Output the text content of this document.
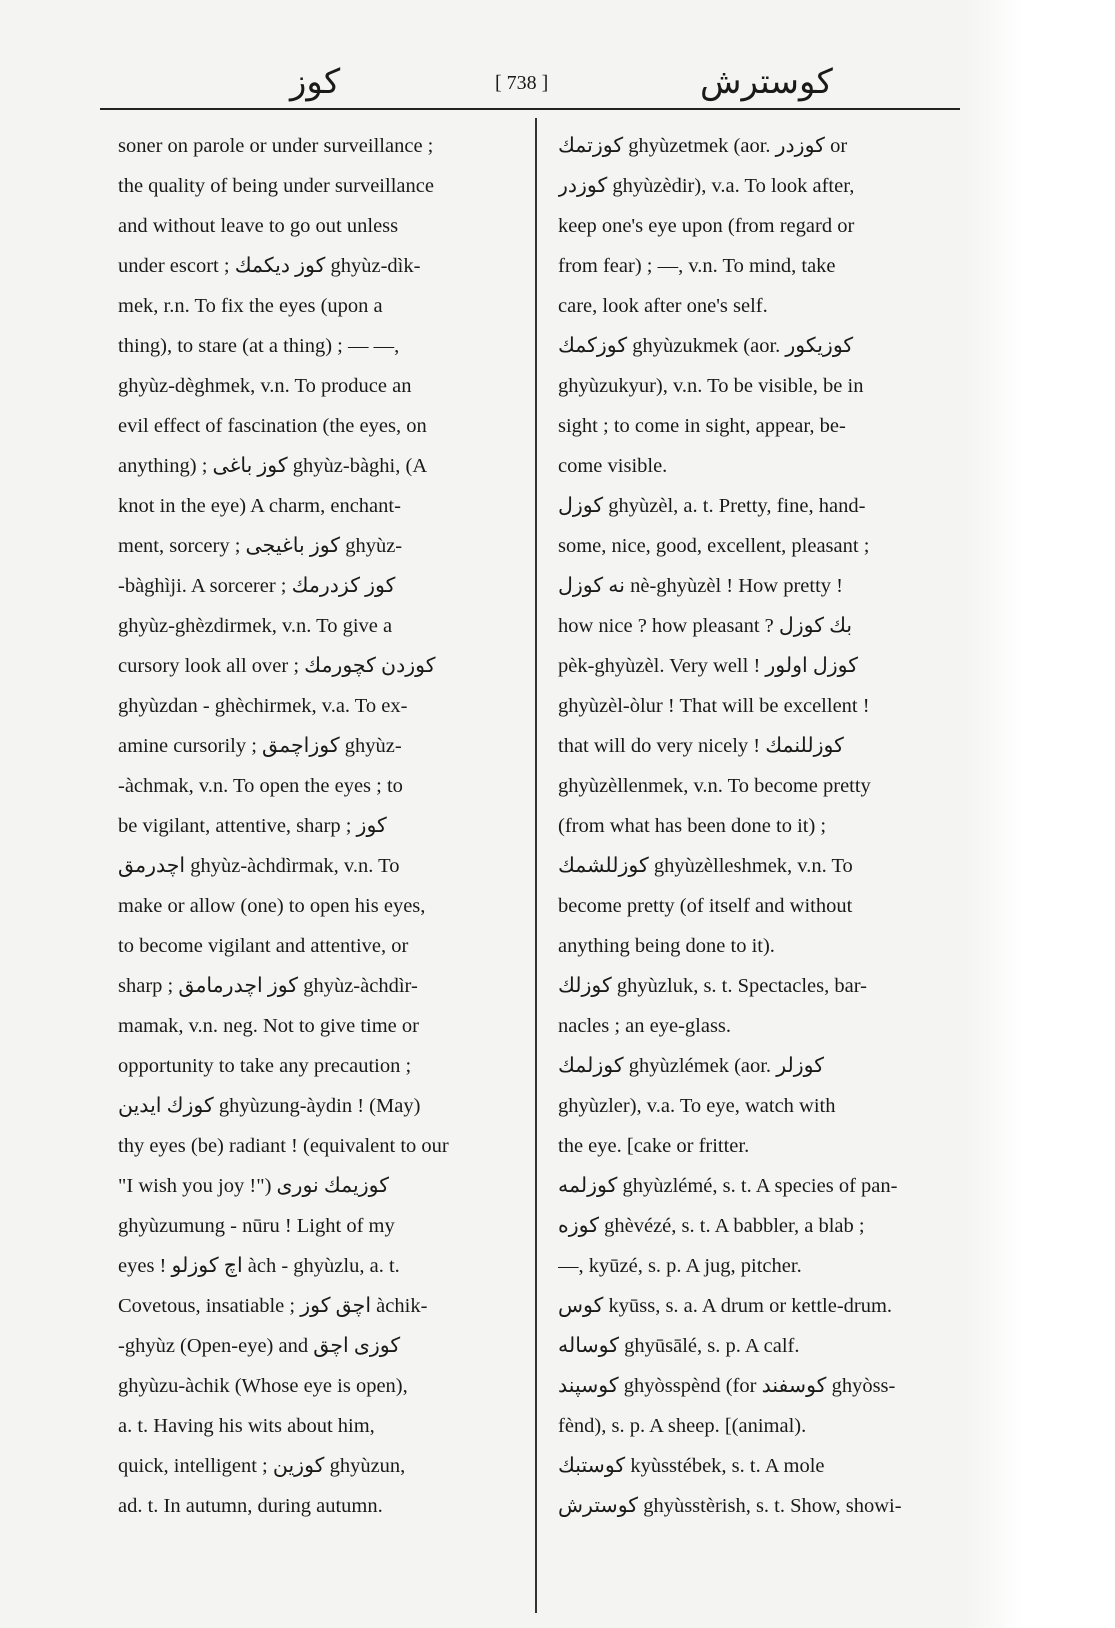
كوز	[ 738 ]	كوسترش
soner on parole or under surveillance ;
the quality of being under surveillance
and without leave to go out unless
under escort ; كوز ديكمك ghyùz-dìk-
mek, r.n. To fix the eyes (upon a
thing), to stare (at a thing) ; — —,
ghyùz-dèghmek, v.n. To produce an
evil effect of fascination (the eyes, on
anything) ; كوز باغى ghyùz-bàghi, (A
knot in the eye) A charm, enchant-
ment, sorcery ; كوز باغيجى ghyùz-
-bàghìji. A sorcerer ; كوز كزدرمك
ghyùz-ghèzdirmek, v.n. To give a
cursory look all over ; كوزدن كچورمك
ghyùzdan - ghèchirmek, v.a. To ex-
amine cursorily ; كوزاچمق ghyùz-
-àchmak, v.n. To open the eyes ; to
be vigilant, attentive, sharp ; كوز
اچدرمق ghyùz-àchdìrmak, v.n. To
make or allow (one) to open his eyes,
to become vigilant and attentive, or
sharp ; كوز اچدرمامق ghyùz-àchdìr-
mamak, v.n. neg. Not to give time or
opportunity to take any precaution ;
كوزك ايدين ghyùzung-àydin ! (May)
thy eyes (be) radiant ! (equivalent to our
"I wish you joy !") كوزيمك نورى
ghyùzumung - nūru ! Light of my
eyes ! اچ كوزلو àch - ghyùzlu, a. t.
Covetous, insatiable ; اچق كوز àchik-
-ghyùz (Open-eye) and كوزى اچق
ghyùzu-àchik (Whose eye is open),
a. t. Having his wits about him,
quick, intelligent ; كوزين ghyùzun,
ad. t. In autumn, during autumn.
كوزتمك ghyùzetmek (aor. كوزدر or
كوزدر ghyùzèdir), v.a. To look after,
keep one's eye upon (from regard or
from fear) ; —, v.n. To mind, take
care, look after one's self.
كوزكمك ghyùzukmek (aor. كوزيكور
ghyùzukyur), v.n. To be visible, be in
sight ; to come in sight, appear, be-
come visible.
كوزل ghyùzèl, a. t. Pretty, fine, hand-
some, nice, good, excellent, pleasant ;
نه كوزل nè-ghyùzèl ! How pretty !
how nice ? how pleasant ? بك كوزل
pèk-ghyùzèl. Very well ! كوزل اولور
ghyùzèl-òlur ! That will be excellent !
that will do very nicely ! كوزللنمك
ghyùzèllenmek, v.n. To become pretty
(from what has been done to it) ;
كوزللشمك ghyùzèlleshmek, v.n. To
become pretty (of itself and without
anything being done to it).
كوزلك ghyùzluk, s. t. Spectacles, bar-
nacles ; an eye-glass.
كوزلمك ghyùzlémek (aor. كوزلر
ghyùzler), v.a. To eye, watch with
the eye. [cake or fritter.
كوزلمه ghyùzlémé, s. t. A species of pan-
كوزه ghèvézé, s. t. A babbler, a blab ;
—, kyūzé, s. p. A jug, pitcher.
كوس kyūss, s. a. A drum or kettle-drum.
كوساله ghyūsālé, s. p. A calf.
كوسپند ghyòsspènd (for كوسفند ghyòss-
fènd), s. p. A sheep. [(animal).
كوستبك kyùsstébek, s. t. A mole
كوسترش ghyùsstèrish, s. t. Show, showi-
